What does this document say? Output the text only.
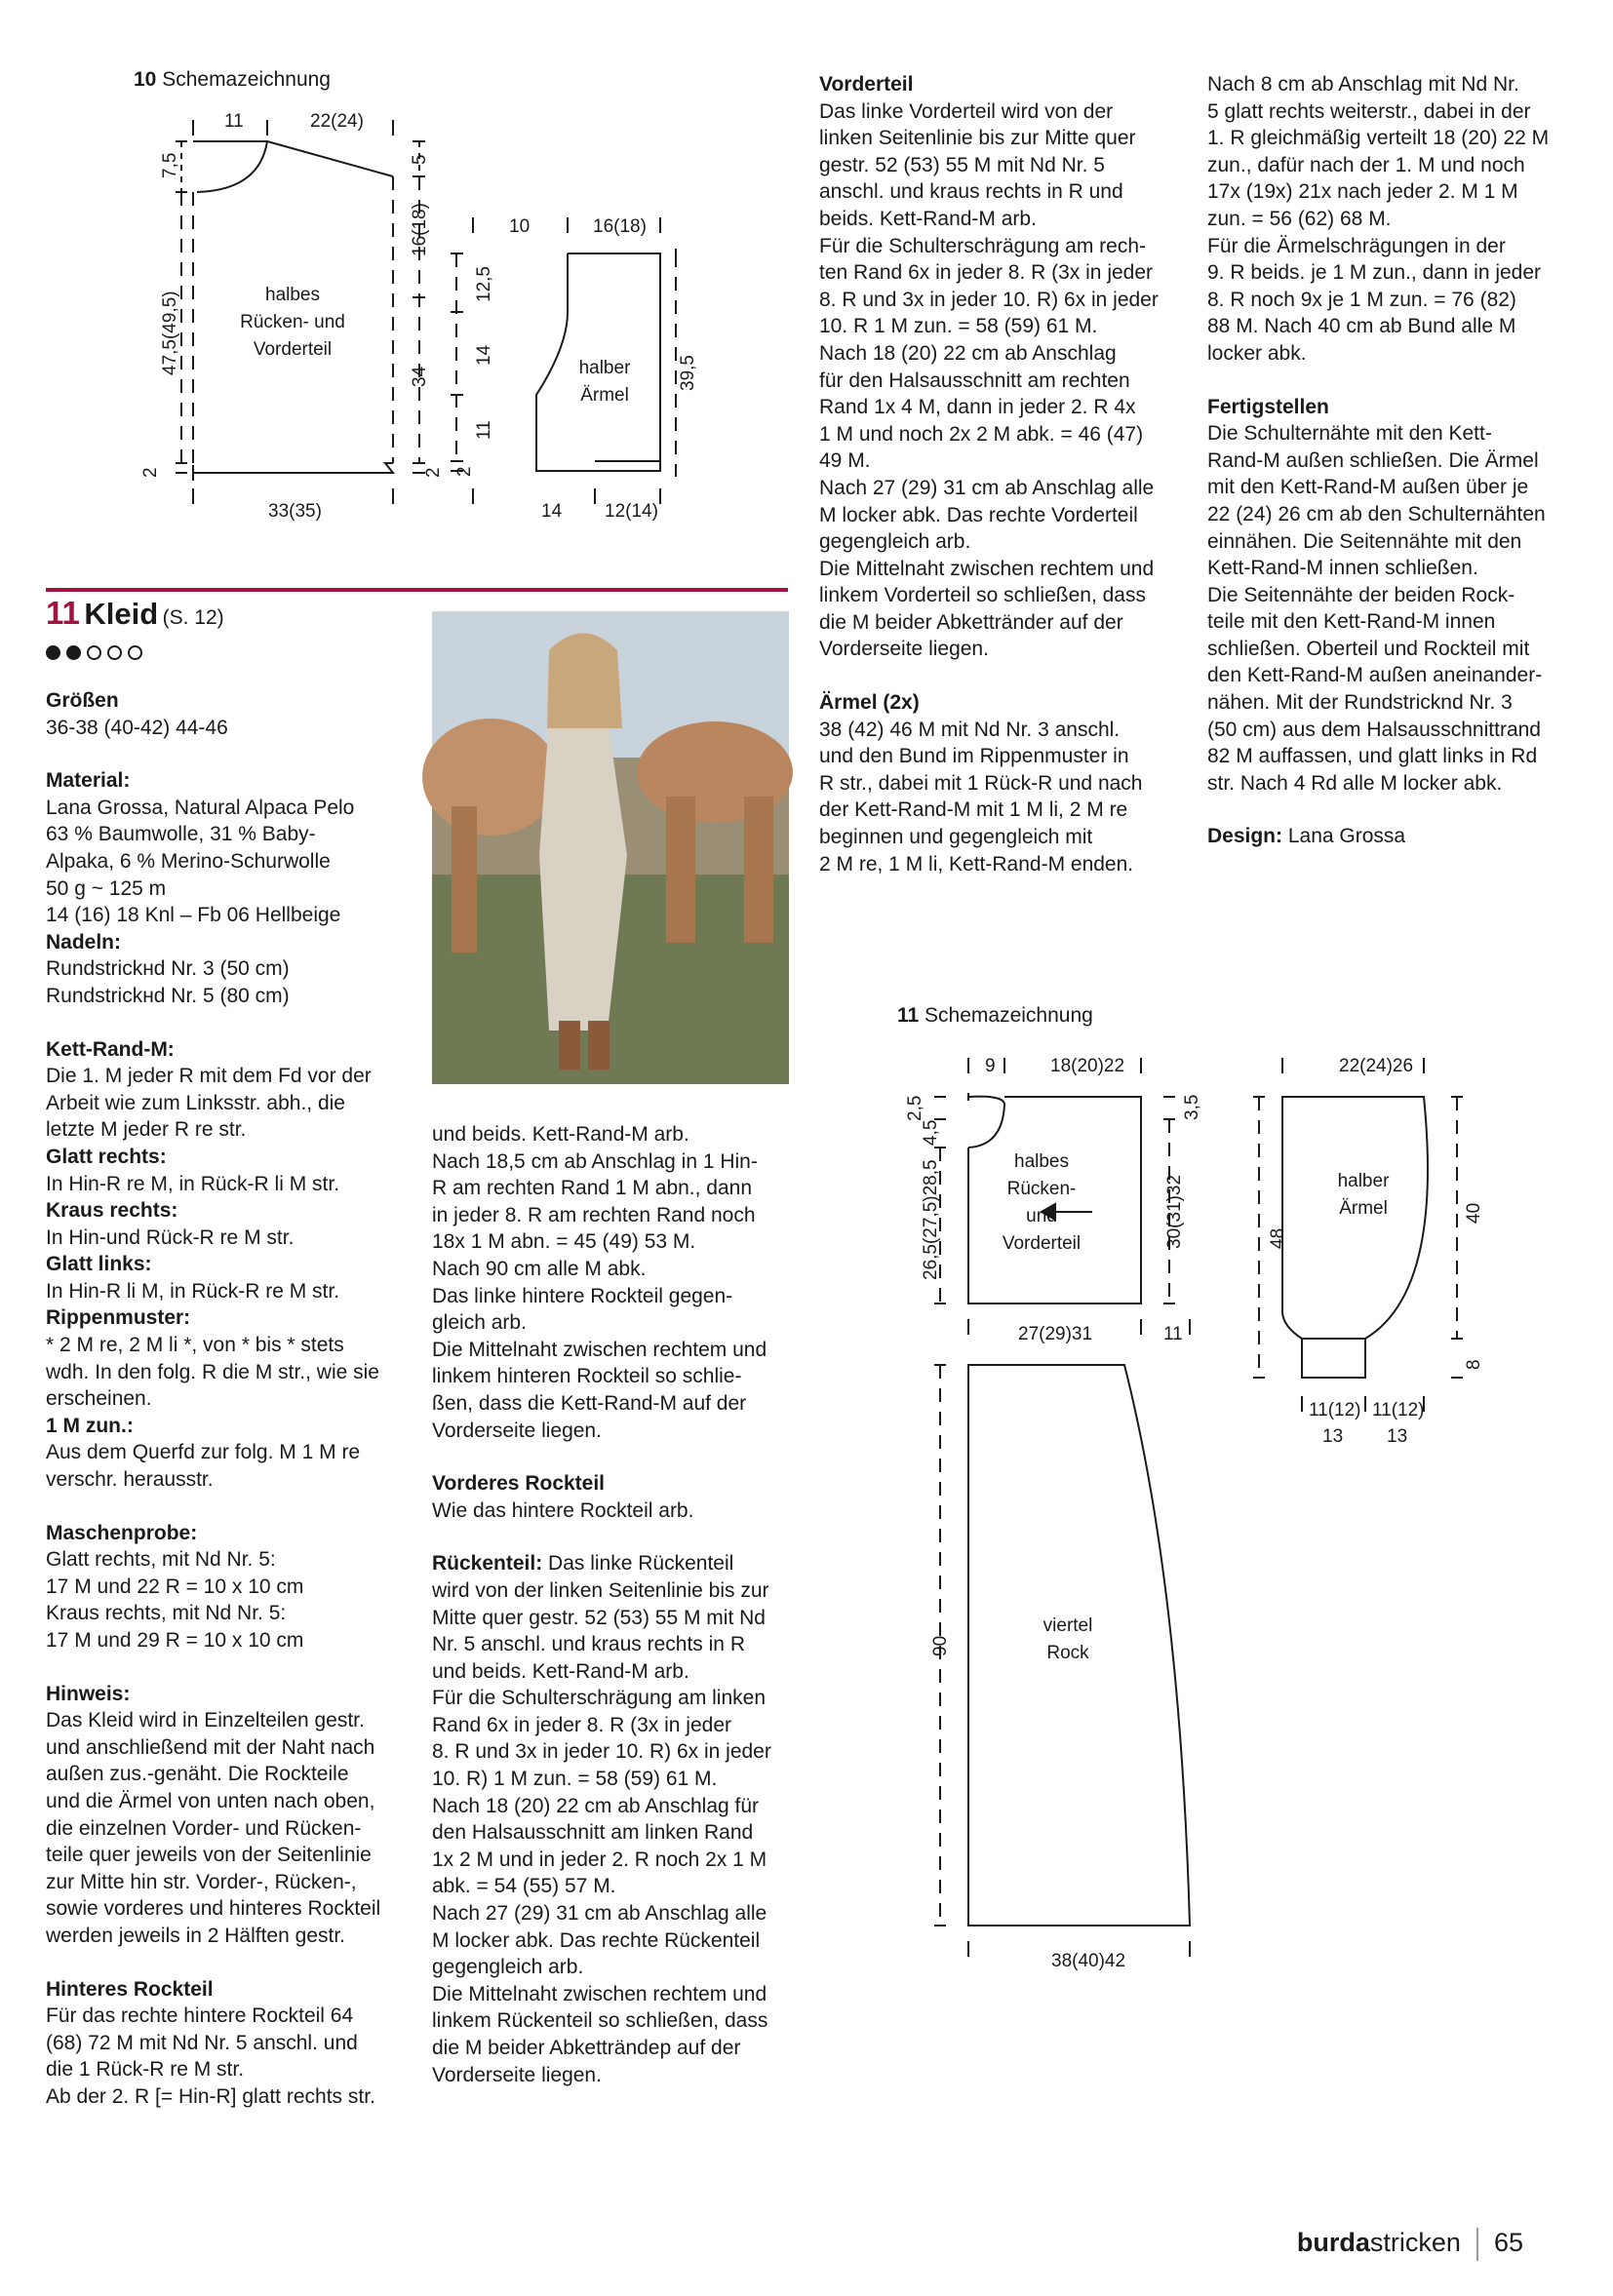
10 Schemazeichnung
11	22(24)
7,5
47,5(49,5)
2
5
16(18)
34
2
33(35)
halbes
Rücken- und
Vorderteil
10	16(18)
12,5
14
11
2
39,5
14 12(14)
halber
Ärmel
11 Kleid (S. 12)

Größen

36-38 (40-42) 44-46

Material:

Lana Grossa, Natural Alpaca Pelo
63 % Baumwolle, 31 % Baby-
Alpaka, 6 % Merino-Schurwolle
50 g ~ 125 m
14 (16) 18 Knl – Fb 06 Hellbeige

Nadeln:

Rundstrickнd Nr. 3 (50 cm)
Rundstrickнd Nr. 5 (80 cm)

Kett-Rand-M:

Die 1. M jeder R mit dem Fd vor der
Arbeit wie zum Linksstr. abh., die
letzte M jeder R re str.

Glatt rechts:

In Hin-R re M, in Rück-R li M str.

Kraus rechts:

In Hin-und Rück-R re M str.

Glatt links:

In Hin-R li M, in Rück-R re M str.

Rippenmuster:

* 2 M re, 2 M li *, von * bis * stets
wdh. In den folg. R die M str., wie sie
erscheinen.

1 M zun.:

Aus dem Querfd zur folg. M 1 M re
verschr. herausstr.

Maschenprobe:

Glatt rechts, mit Nd Nr. 5:
17 M und 22 R = 10 x 10 cm
Kraus rechts, mit Nd Nr. 5:
17 M und 29 R = 10 x 10 cm

Hinweis:

Das Kleid wird in Einzelteilen gestr.
und anschließend mit der Naht nach
außen zus.-genäht. Die Rockteile
und die Ärmel von unten nach oben,
die einzelnen Vorder- und Rücken-
teile quer jeweils von der Seitenlinie
zur Mitte hin str. Vorder-, Rücken-,
sowie vorderes und hinteres Rockteil
werden jeweils in 2 Hälften gestr.

Hinteres Rockteil

Für das rechte hintere Rockteil 64
(68) 72 M mit Nd Nr. 5 anschl. und
die 1 Rück-R re M str.
Ab der 2. R [= Hin-R] glatt rechts str.

und beids. Kett-Rand-M arb.
Nach 18,5 cm ab Anschlag in 1 Hin-
R am rechten Rand 1 M abn., dann
in jeder 8. R am rechten Rand noch
18x 1 M abn. = 45 (49) 53 M.
Nach 90 cm alle M abk.
Das linke hintere Rockteil gegen-
gleich arb.
Die Mittelnaht zwischen rechtem und
linkem hinteren Rockteil so schlie-
ßen, dass die Kett-Rand-M auf der
Vorderseite liegen.

Vorderes Rockteil

Wie das hintere Rockteil arb.

Rückenteil: Das linke Rückenteil

wird von der linken Seitenlinie bis zur
Mitte quer gestr. 52 (53) 55 M mit Nd
Nr. 5 anschl. und kraus rechts in R
und beids. Kett-Rand-M arb.
Für die Schulterschrägung am linken
Rand 6x in jeder 8. R (3x in jeder
8. R und 3x in jeder 10. R) 6x in jeder
10. R) 1 M zun. = 58 (59) 61 M.
Nach 18 (20) 22 cm ab Anschlag für
den Halsausschnitt am linken Rand
1x 2 M und in jeder 2. R noch 2x 1 M
abk. = 54 (55) 57 M.
Nach 27 (29) 31 cm ab Anschlag alle
M locker abk. Das rechte Rückenteil
gegengleich arb.
Die Mittelnaht zwischen rechtem und
linkem Rückenteil so schließen, dass
die M beider Abketträndер auf der
Vorderseite liegen.

Vorderteil

Das linke Vorderteil wird von der
linken Seitenlinie bis zur Mitte quer
gestr. 52 (53) 55 M mit Nd Nr. 5
anschl. und kraus rechts in R und
beids. Kett-Rand-M arb.
Für die Schulterschrägung am rech-
ten Rand 6x in jeder 8. R (3x in jeder
8. R und 3x in jeder 10. R) 6x in jeder
10. R 1 M zun. = 58 (59) 61 M.
Nach 18 (20) 22 cm ab Anschlag
für den Halsausschnitt am rechten
Rand 1x 4 M, dann in jeder 2. R 4x
1 M und noch 2x 2 M abk. = 46 (47)
49 M.
Nach 27 (29) 31 cm ab Anschlag alle
M locker abk. Das rechte Vorderteil
gegengleich arb.
Die Mittelnaht zwischen rechtem und
linkem Vorderteil so schließen, dass
die M beider Abkettränder auf der
Vorderseite liegen.

Ärmel (2x)

38 (42) 46 M mit Nd Nr. 3 anschl.
und den Bund im Rippenmuster in
R str., dabei mit 1 Rück-R und nach
der Kett-Rand-M mit 1 M li, 2 M re
beginnen und gegengleich mit
2 M re, 1 M li, Kett-Rand-M enden.

Nach 8 cm ab Anschlag mit Nd Nr.
5 glatt rechts weiterstr., dabei in der
1. R gleichmäßig verteilt 18 (20) 22 M
zun., dafür nach der 1. M und noch
17x (19x) 21x nach jeder 2. M 1 M
zun. = 56 (62) 68 M.
Für die Ärmelschrägungen in der
9. R beids. je 1 M zun., dann in jeder
8. R noch 9x je 1 M zun. = 76 (82)
88 M. Nach 40 cm ab Bund alle M
locker abk.

Fertigstellen

Die Schulternähte mit den Kett-
Rand-M außen schließen. Die Ärmel
mit den Kett-Rand-M außen über je
22 (24) 26 cm ab den Schulternähten
einnähen. Die Seitennähte mit den
Kett-Rand-M innen schließen.
Die Seitennähte der beiden Rock-
teile mit den Kett-Rand-M innen
schließen. Oberteil und Rockteil mit
den Kett-Rand-M außen aneinander-
nähen. Mit der Rundstricknd Nr. 3
(50 cm) aus dem Halsausschnittrand
82 M auffassen, und glatt links in Rd
str. Nach 4 Rd alle M locker abk.

Design: Lana Grossa

11 Schemazeichnung
9	18(20)22
2,5
4,5
26,5(27,5)28,5
3,5
30(31)32
27(29)31	11
halbes
Rücken-
und
Vorderteil
90
38(40)42
viertel
Rock
22(24)26
48
40
8
11(12)
13
11(12)
13
halber
Ärmel
burdastricken 65
